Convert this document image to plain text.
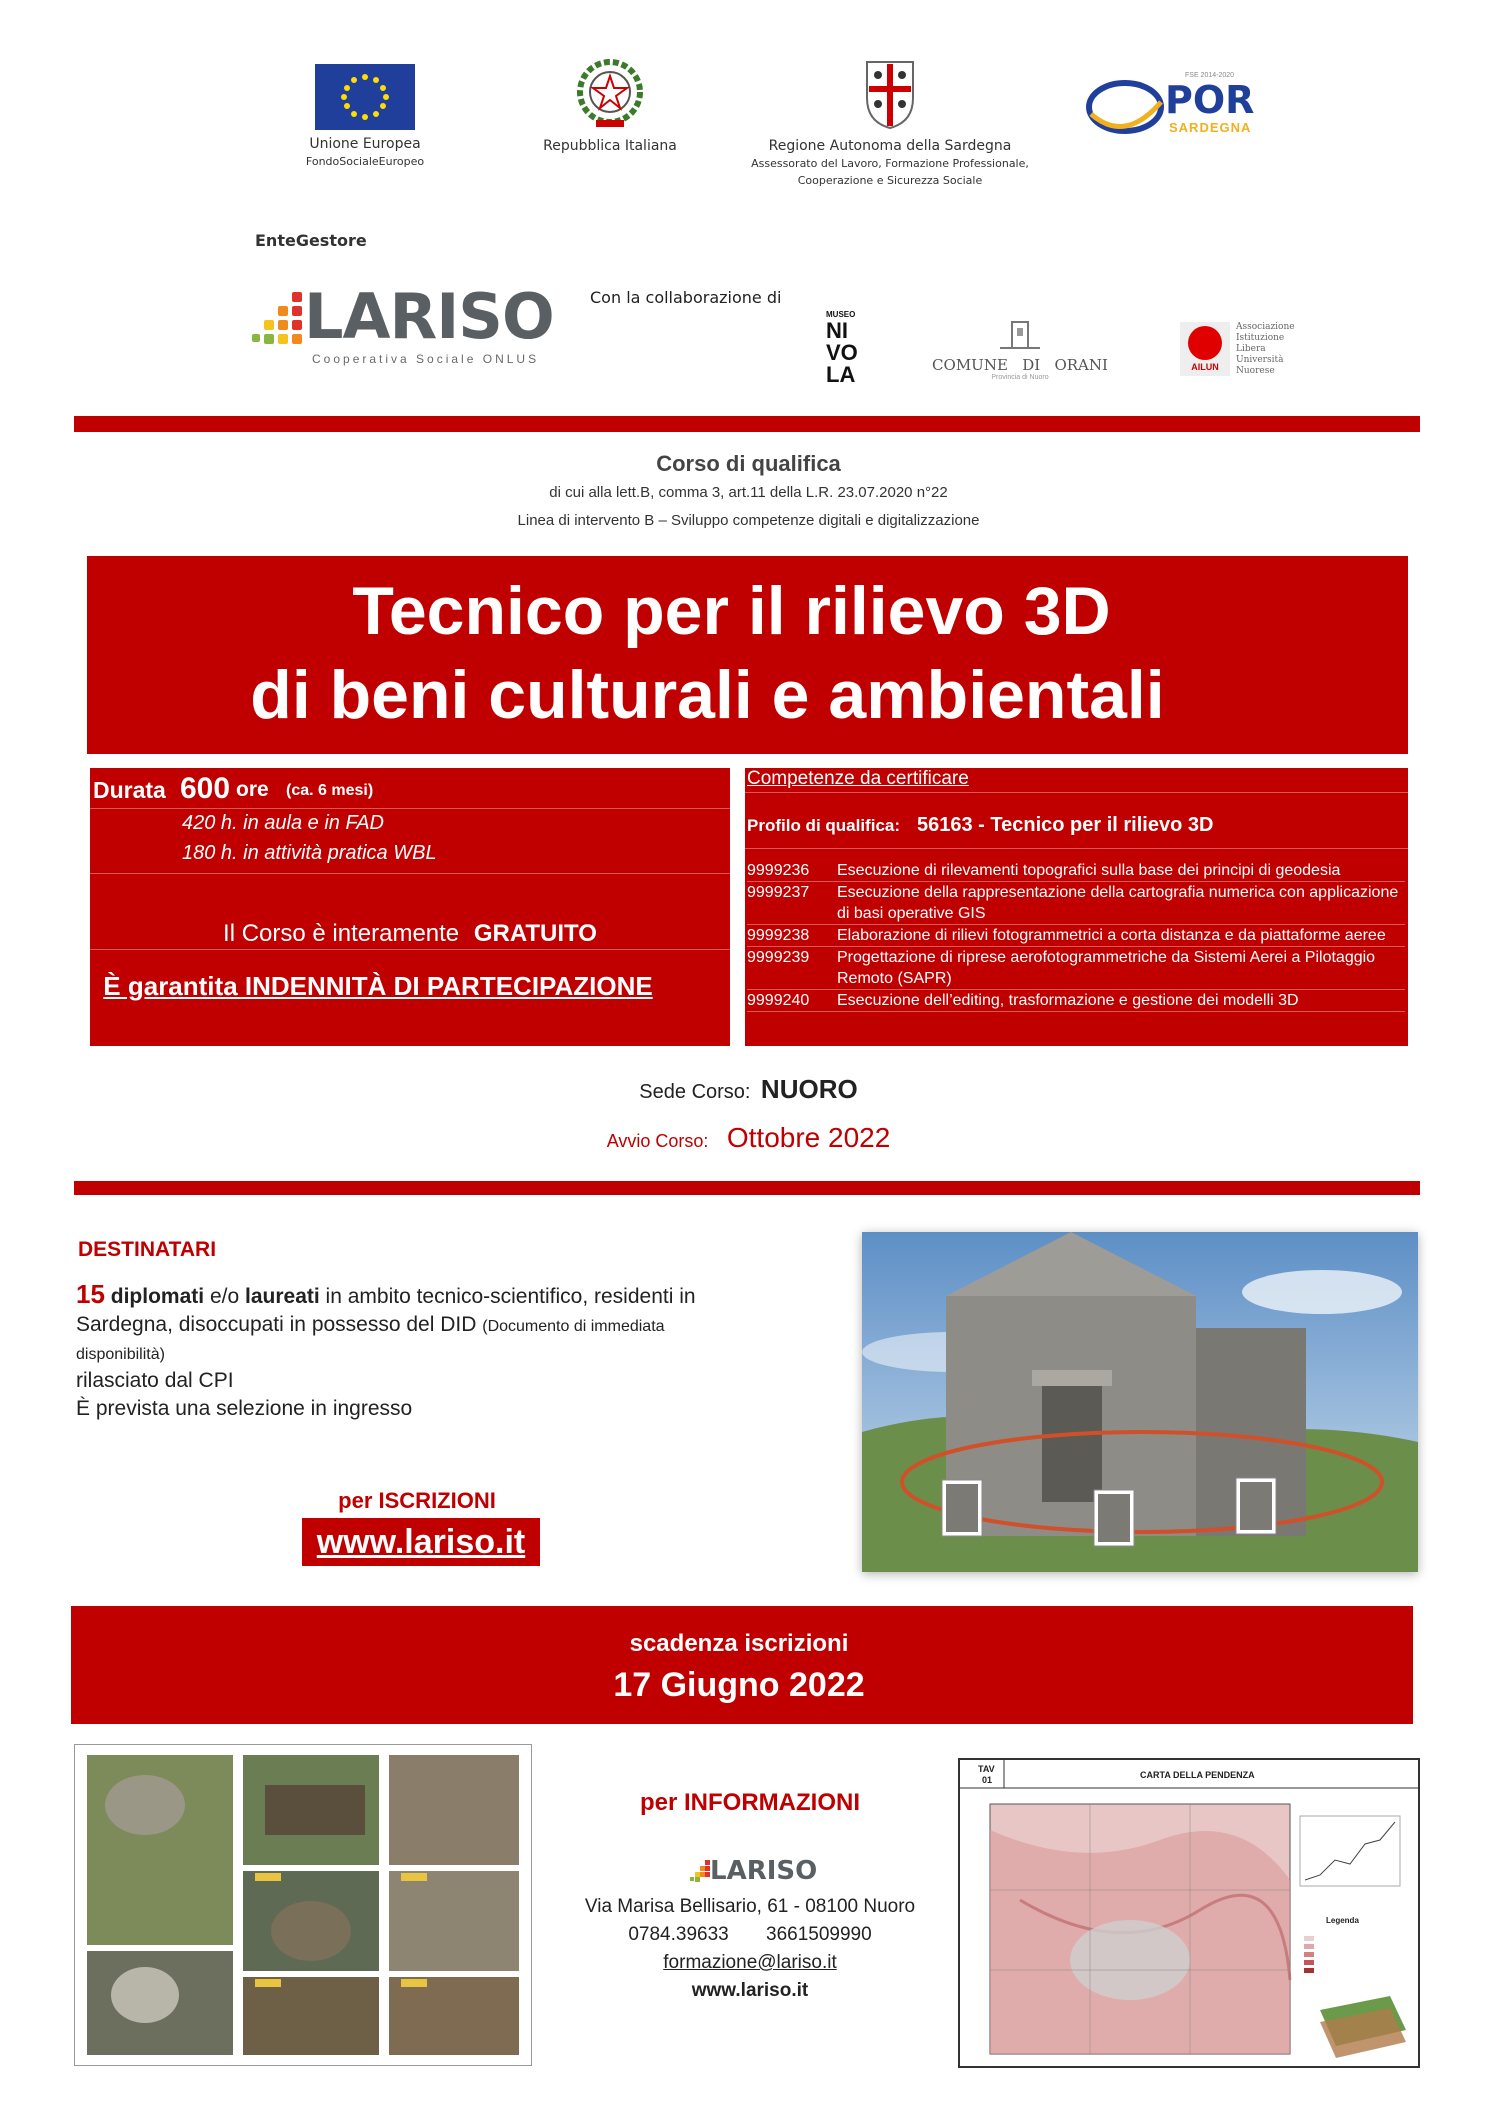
Unione Europea
FondoSocialeEuropeo
Repubblica Italiana	Regione Autonoma della Sardegna
Assessorato del Lavoro, Formazione Professionale,
Cooperazione e Sicurezza Sociale
FSE 2014-2020
POR
SARDEGNA
EnteGestore
LARISO
Cooperativa Sociale ONLUS
Con la collaborazione di
MUSEO
NI
VO
LA	COMUNE   DI   ORANI
Provincia di Nuoro
AILUN
Associazione
Istituzione
Libera
Università
Nuorese
Corso di qualifica
di cui alla lett.B, comma 3, art.11 della L.R. 23.07.2020 n°22
Linea di intervento B – Sviluppo competenze digitali e digitalizzazione
Tecnico per il rilievo 3D
di beni culturali e ambientali
Durata 600 ore (ca. 6 mesi)
420 h. in aula e in FAD
180 h. in attività pratica WBL
Il Corso è interamente GRATUITO
È garantita INDENNITÀ DI PARTECIPAZIONE
Competenze da certificare
Profilo di qualifica: 56163 - Tecnico per il rilievo 3D
9999236	Esecuzione di rilevamenti topografici sulla base dei principi di geodesia
9999237	Esecuzione della rappresentazione della cartografia numerica con applicazione di basi operative GIS
9999238	Elaborazione di rilievi fotogrammetrici a corta distanza e da piattaforme aeree
9999239	Progettazione di riprese aerofotogrammetriche da Sistemi Aerei a Pilotaggio Remoto (SAPR)
9999240	Esecuzione dell’editing, trasformazione e gestione dei modelli 3D
Sede Corso: NUORO
Avvio Corso: Ottobre 2022
DESTINATARI
15 diplomati e/o laureati in ambito tecnico-scientifico, residenti in Sardegna, disoccupati in possesso del DID (Documento di immediata disponibilità)
rilasciato dal CPI
È prevista una selezione in ingresso
per ISCRIZIONI
www.lariso.it
scadenza iscrizioni
17 Giugno 2022
per INFORMAZIONI
LARISO
Via Marisa Bellisario, 61 - 08100 Nuoro
0784.39633 3661509990
formazione@lariso.it
www.lariso.it
TAV
01	CARTA DELLA PENDENZA
Legenda
